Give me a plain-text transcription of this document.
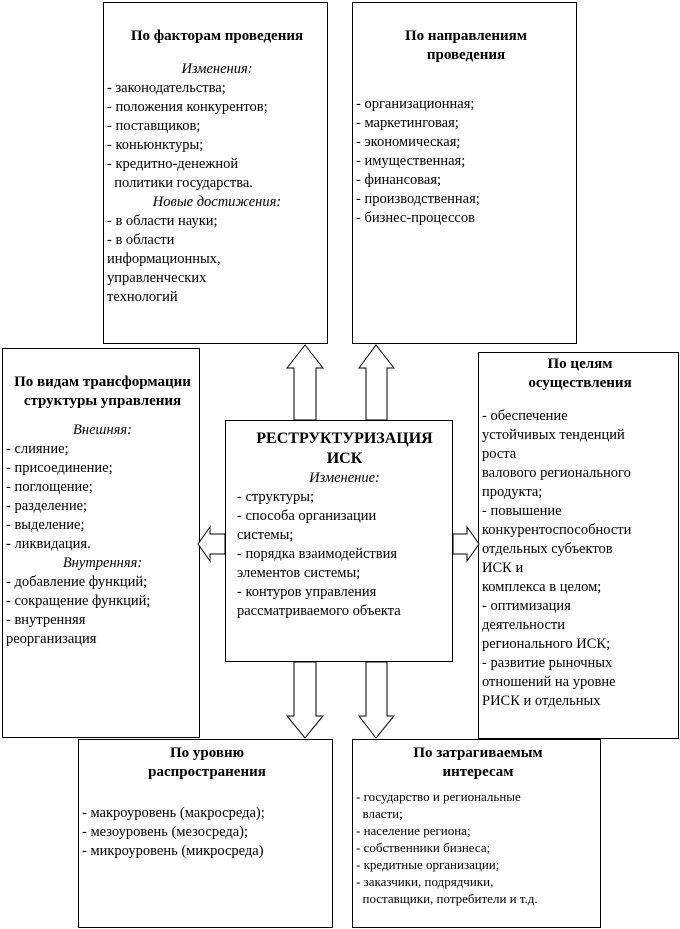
По факторам проведения
Изменения:
- законодательства;
- положения конкурентов;
- поставщиков;
- коньюнктуры;
- кредитно-денежной
политики государства.
Новые достижения:
- в области науки;
- в области
информационных,
управленческих
технологий
По направлениям проведения
- организационная;
- маркетинговая;
- экономическая;
- имущественная;
- финансовая;
- производственная;
- бизнес-процессов
По видам трансформации структуры управления
Внешняя:
- слияние;
- присоединение;
- поглощение;
- разделение;
- выделение;
- ликвидация.
Внутренняя:
- добавление функций;
- сокращение функций;
- внутренняя
реорганизация
РЕСТРУКТУРИЗАЦИЯ ИСК
Изменение:
- структуры;
- способа организации
системы;
- порядка взаимодействия
элементов системы;
- контуров управления
рассматриваемого объекта
По целям осуществления
- обеспечение
устойчивых тенденций
роста
валового регионального
продукта;
- повышение
конкурентоспособности
отдельных субъектов
ИСК и
комплекса в целом;
- оптимизация
деятельности
регионального ИСК;
- развитие рыночных
отношений на уровне
РИСК и отдельных
По уровню распространения
- макроуровень (макросреда);
- мезоуровень (мезосреда);
- микроуровень (микросреда)
По затрагиваемым интересам
- государство и региональные
власти;
- население региона;
- собственники бизнеса;
- кредитные организации;
- заказчики, подрядчики,
поставщики, потребители и т.д.
